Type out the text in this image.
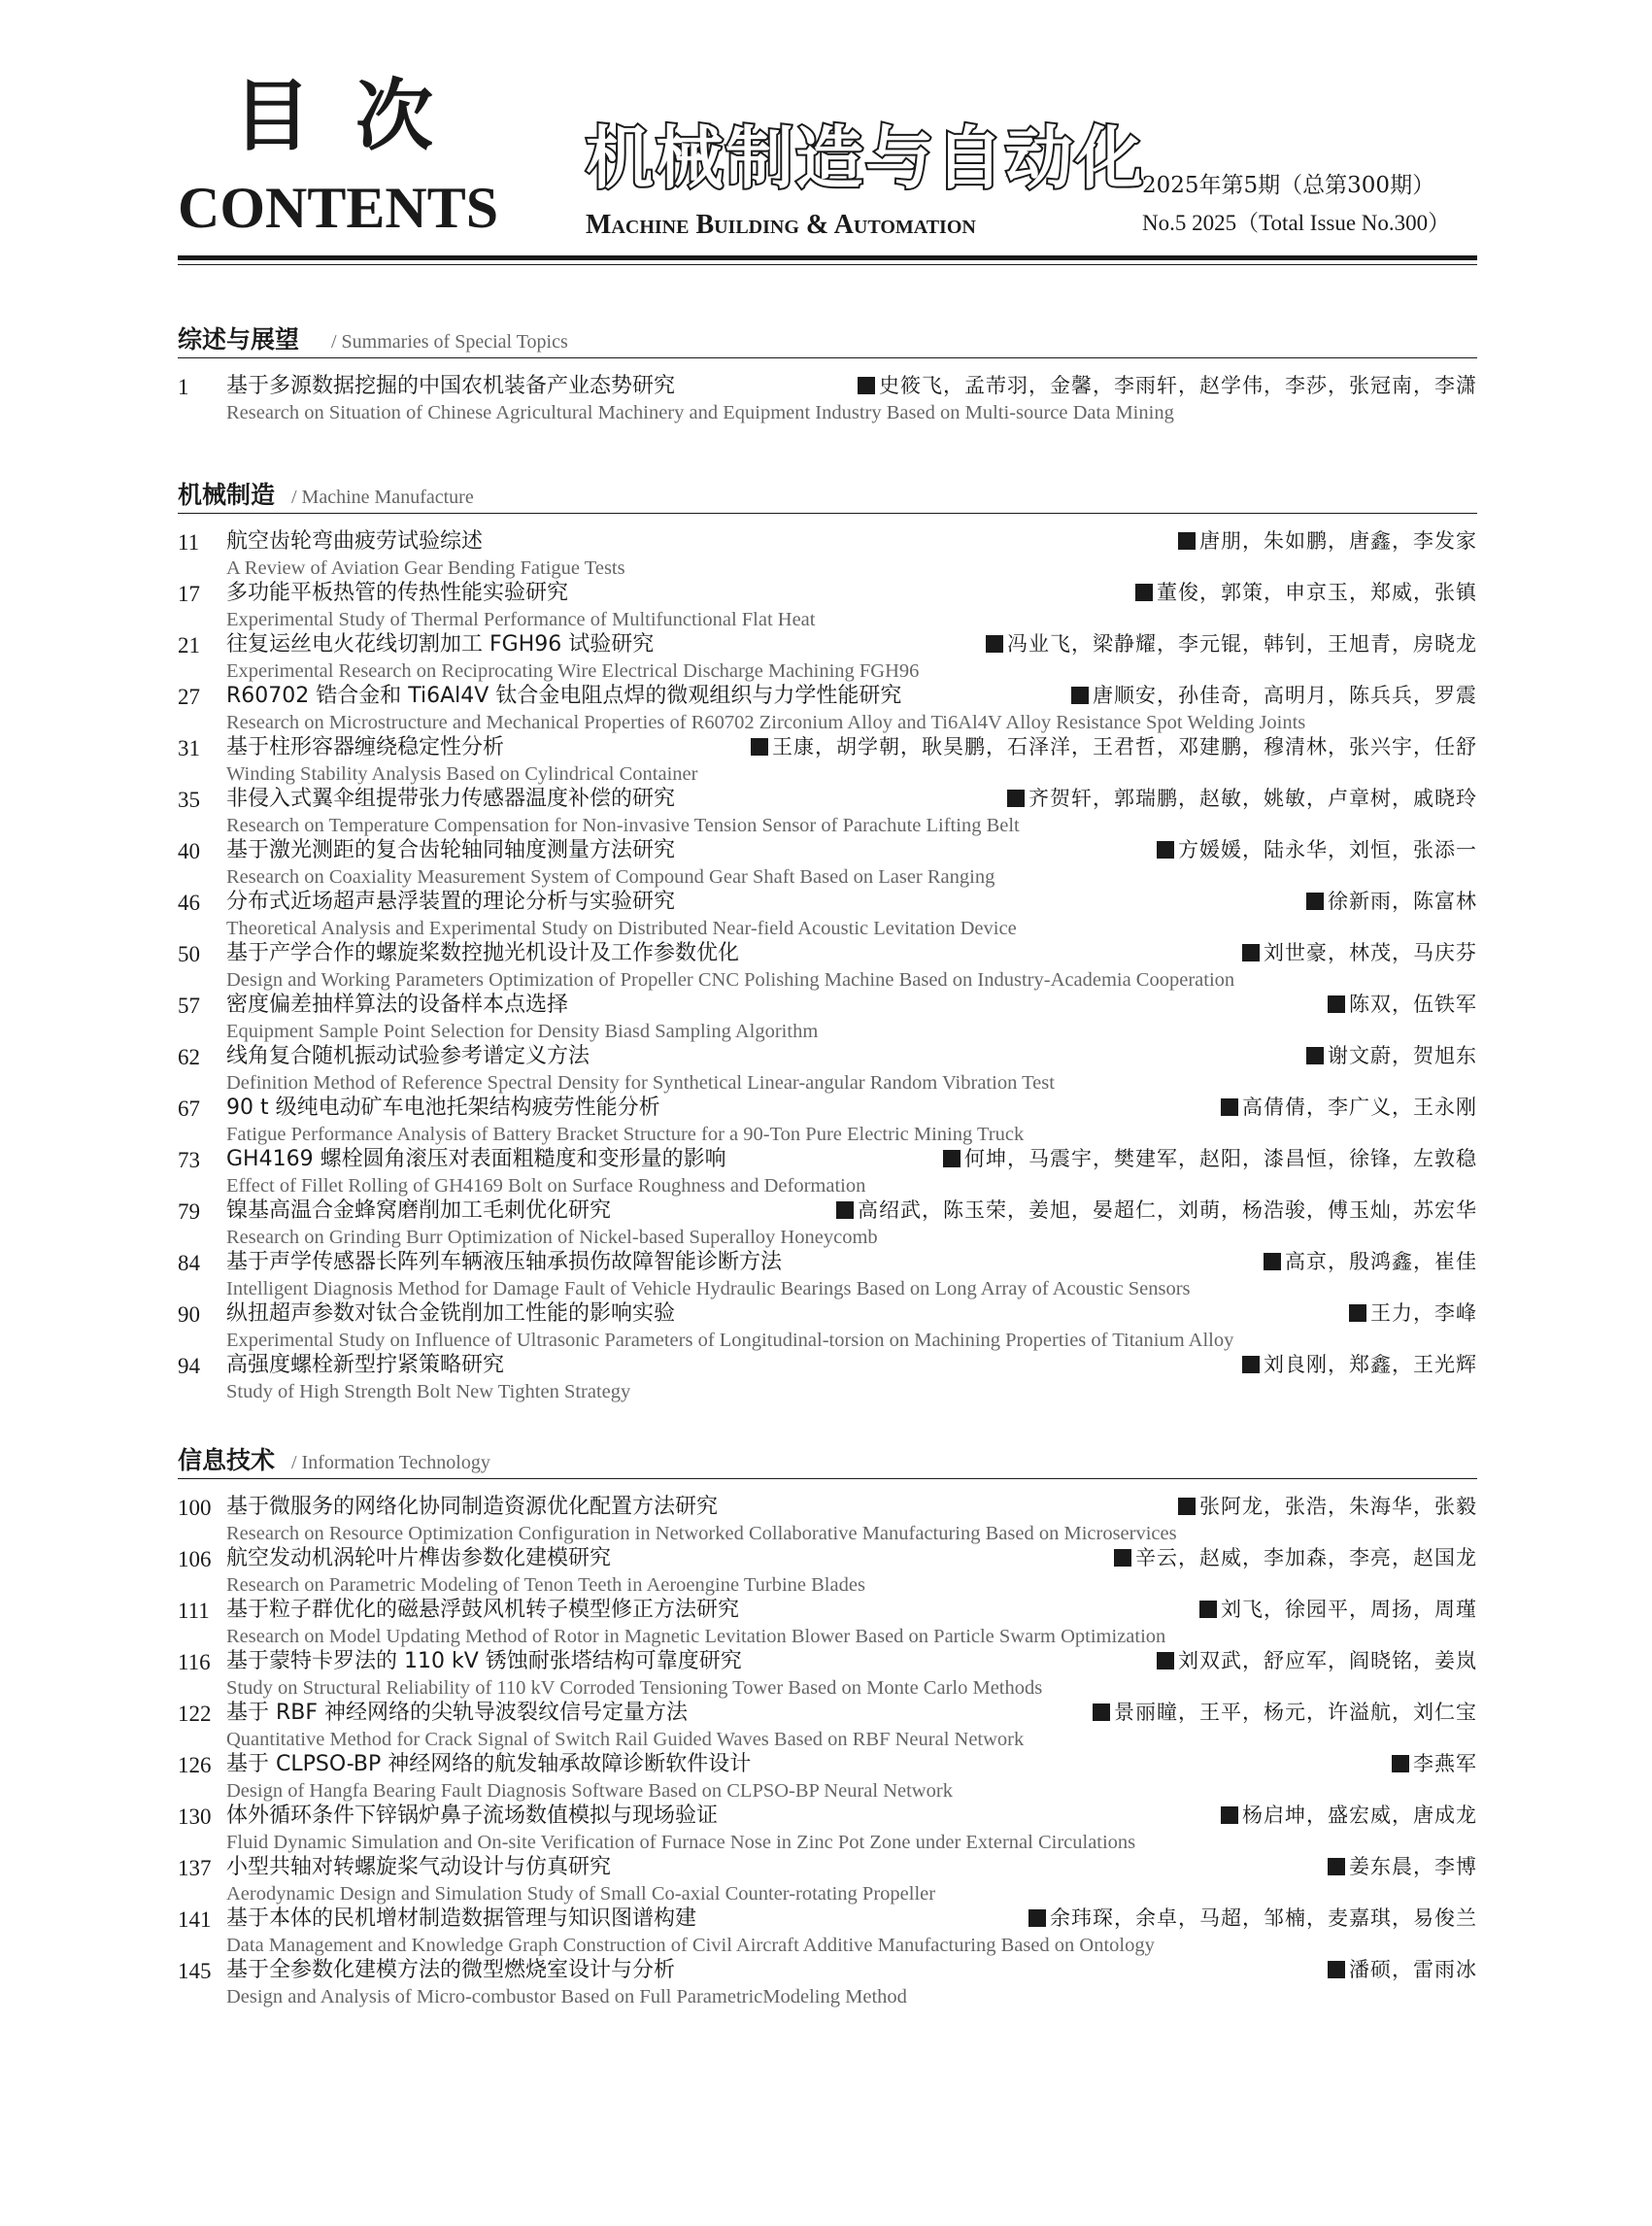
目次
CONTENTS
机械制造与自动化
Machine Building & Automation
2025年第5期（总第300期）
No.5 2025（Total Issue No.300）
综述与展望 / Summaries of Special Topics
1 基于多源数据挖掘的中国农机装备产业态势研究	史筱飞，孟芾羽，金馨，李雨轩，赵学伟，李莎，张冠南，李潇
Research on Situation of Chinese Agricultural Machinery and Equipment Industry Based on Multi-source Data Mining
机械制造 / Machine Manufacture
11 航空齿轮弯曲疲劳试验综述	唐朋，朱如鹏，唐鑫，李发家
A Review of Aviation Gear Bending Fatigue Tests
17 多功能平板热管的传热性能实验研究	董俊，郭策，申京玉，郑威，张镇
Experimental Study of Thermal Performance of Multifunctional Flat Heat
21 往复运丝电火花线切割加工 FGH96 试验研究	冯业飞，梁静耀，李元锟，韩钊，王旭青，房晓龙
Experimental Research on Reciprocating Wire Electrical Discharge Machining FGH96
27 R60702 锆合金和 Ti6Al4V 钛合金电阻点焊的微观组织与力学性能研究	唐顺安，孙佳奇，高明月，陈兵兵，罗震
Research on Microstructure and Mechanical Properties of R60702 Zirconium Alloy and Ti6Al4V Alloy Resistance Spot Welding Joints
31 基于柱形容器缠绕稳定性分析	王康，胡学朝，耿昊鹏，石泽洋，王君哲，邓建鹏，穆清林，张兴宇，任舒
Winding Stability Analysis Based on Cylindrical Container
35 非侵入式翼伞组提带张力传感器温度补偿的研究	齐贺轩，郭瑞鹏，赵敏，姚敏，卢章树，戚晓玲
Research on Temperature Compensation for Non-invasive Tension Sensor of Parachute Lifting Belt
40 基于激光测距的复合齿轮轴同轴度测量方法研究	方媛媛，陆永华，刘恒，张添一
Research on Coaxiality Measurement System of Compound Gear Shaft Based on Laser Ranging
46 分布式近场超声悬浮装置的理论分析与实验研究	徐新雨，陈富林
Theoretical Analysis and Experimental Study on Distributed Near-field Acoustic Levitation Device
50 基于产学合作的螺旋桨数控抛光机设计及工作参数优化	刘世豪，林茂，马庆芬
Design and Working Parameters Optimization of Propeller CNC Polishing Machine Based on Industry-Academia Cooperation
57 密度偏差抽样算法的设备样本点选择	陈双，伍铁军
Equipment Sample Point Selection for Density Biasd Sampling Algorithm
62 线角复合随机振动试验参考谱定义方法	谢文蔚，贺旭东
Definition Method of Reference Spectral Density for Synthetical Linear-angular Random Vibration Test
67 90 t 级纯电动矿车电池托架结构疲劳性能分析	高倩倩，李广义，王永刚
Fatigue Performance Analysis of Battery Bracket Structure for a 90-Ton Pure Electric Mining Truck
73 GH4169 螺栓圆角滚压对表面粗糙度和变形量的影响	何坤，马震宇，樊建军，赵阳，漆昌恒，徐锋，左敦稳
Effect of Fillet Rolling of GH4169 Bolt on Surface Roughness and Deformation
79 镍基高温合金蜂窝磨削加工毛刺优化研究	高绍武，陈玉荣，姜旭，晏超仁，刘萌，杨浩骏，傅玉灿，苏宏华
Research on Grinding Burr Optimization of Nickel-based Superalloy Honeycomb
84 基于声学传感器长阵列车辆液压轴承损伤故障智能诊断方法	高京，殷鸿鑫，崔佳
Intelligent Diagnosis Method for Damage Fault of Vehicle Hydraulic Bearings Based on Long Array of Acoustic Sensors
90 纵扭超声参数对钛合金铣削加工性能的影响实验	王力，李峰
Experimental Study on Influence of Ultrasonic Parameters of Longitudinal-torsion on Machining Properties of Titanium Alloy
94 高强度螺栓新型拧紧策略研究	刘良刚，郑鑫，王光辉
Study of High Strength Bolt New Tighten Strategy
信息技术 / Information Technology
100 基于微服务的网络化协同制造资源优化配置方法研究	张阿龙，张浩，朱海华，张毅
Research on Resource Optimization Configuration in Networked Collaborative Manufacturing Based on Microservices
106 航空发动机涡轮叶片榫齿参数化建模研究	辛云，赵威，李加森，李亮，赵国龙
Research on Parametric Modeling of Tenon Teeth in Aeroengine Turbine Blades
111 基于粒子群优化的磁悬浮鼓风机转子模型修正方法研究	刘飞，徐园平，周扬，周瑾
Research on Model Updating Method of Rotor in Magnetic Levitation Blower Based on Particle Swarm Optimization
116 基于蒙特卡罗法的 110 kV 锈蚀耐张塔结构可靠度研究	刘双武，舒应军，阎晓铭，姜岚
Study on Structural Reliability of 110 kV Corroded Tensioning Tower Based on Monte Carlo Methods
122 基于 RBF 神经网络的尖轨导波裂纹信号定量方法	景丽瞳，王平，杨元，许溢航，刘仁宝
Quantitative Method for Crack Signal of Switch Rail Guided Waves Based on RBF Neural Network
126 基于 CLPSO-BP 神经网络的航发轴承故障诊断软件设计	李燕军
Design of Hangfa Bearing Fault Diagnosis Software Based on CLPSO-BP Neural Network
130 体外循环条件下锌锅炉鼻子流场数值模拟与现场验证	杨启坤，盛宏威，唐成龙
Fluid Dynamic Simulation and On-site Verification of Furnace Nose in Zinc Pot Zone under External Circulations
137 小型共轴对转螺旋桨气动设计与仿真研究	姜东晨，李博
Aerodynamic Design and Simulation Study of Small Co-axial Counter-rotating Propeller
141 基于本体的民机增材制造数据管理与知识图谱构建	余玮琛，余卓，马超，邹楠，麦嘉琪，易俊兰
Data Management and Knowledge Graph Construction of Civil Aircraft Additive Manufacturing Based on Ontology
145 基于全参数化建模方法的微型燃烧室设计与分析	潘硕，雷雨冰
Design and Analysis of Micro-combustor Based on Full ParametricModeling Method
